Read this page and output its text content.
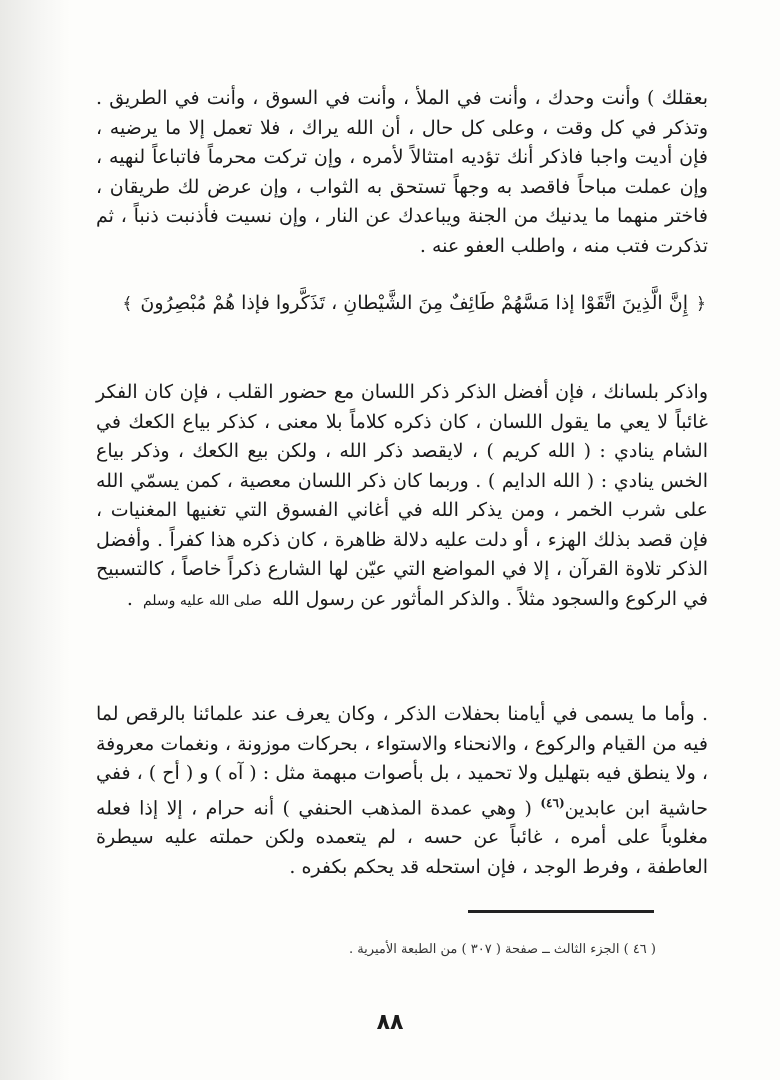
بعقلك ) وأنت وحدك ، وأنت في الملأ ، وأنت في السوق ، وأنت في الطريق . وتذكر في كل وقت ، وعلى كل حال ، أن الله يراك ، فلا تعمل إلا ما يرضيه ، فإن أديت واجبا فاذكر أنك تؤديه امتثالاً لأمره ، وإن تركت محرماً فاتباعاً لنهيه ، وإن عملت مباحاً فاقصد به وجهاً تستحق به الثواب ، وإن عرض لك طريقان ، فاختر منهما ما يدنيك من الجنة ويباعدك عن النار ، وإن نسيت فأذنبت ذنباً ، ثم تذكرت فتب منه ، واطلب العفو عنه .
﴿ إِنَّ الَّذِينَ اتَّقَوْا إذا مَسَّهُمْ طَائِفٌ مِنَ الشَّيْطانِ ، تَذَكَّروا فإذا هُمْ مُبْصِرُونَ ﴾
واذكر بلسانك ، فإن أفضل الذكر ذكر اللسان مع حضور القلب ، فإن كان الفكر غائباً لا يعي ما يقول اللسان ، كان ذكره كلاماً بلا معنى ، كذكر بياع الكعك في الشام ينادي : ( الله كريم ) ، لايقصد ذكر الله ، ولكن بيع الكعك ، وذكر بياع الخس ينادي : ( الله الدايم ) . وربما كان ذكر اللسان معصية ، كمن يسمّي الله على شرب الخمر ، ومن يذكر الله في أغاني الفسوق التي تغنيها المغنيات ، فإن قصد بذلك الهزء ، أو دلت عليه دلالة ظاهرة ، كان ذكره هذا كفراً . وأفضل الذكر تلاوة القرآن ، إلا في المواضع التي عيّن لها الشارع ذكراً خاصاً ، كالتسبيح في الركوع والسجود مثلاً . والذكر المأثور عن رسول الله صلى الله عليه وسلم .
. وأما ما يسمى في أيامنا بحفلات الذكر ، وكان يعرف عند علمائنا بالرقص لما فيه من القيام والركوع ، والانحناء والاستواء ، بحركات موزونة ، ونغمات معروفة ، ولا ينطق فيه بتهليل ولا تحميد ، بل بأصوات مبهمة مثل : ( آه ) و ( أح ) ، ففي حاشية ابن عابدين$^{(٤٦)}$ ( وهي عمدة المذهب الحنفي ) أنه حرام ، إلا إذا فعله مغلوباً على أمره ، غائباً عن حسه ، لم يتعمده ولكن حملته عليه سيطرة العاطفة ، وفرط الوجد ، فإن استحله قد يحكم بكفره .
( ٤٦ ) الجزء الثالث ــ صفحة ( ٣٠٧ ) من الطبعة الأميرية .
٨٨
